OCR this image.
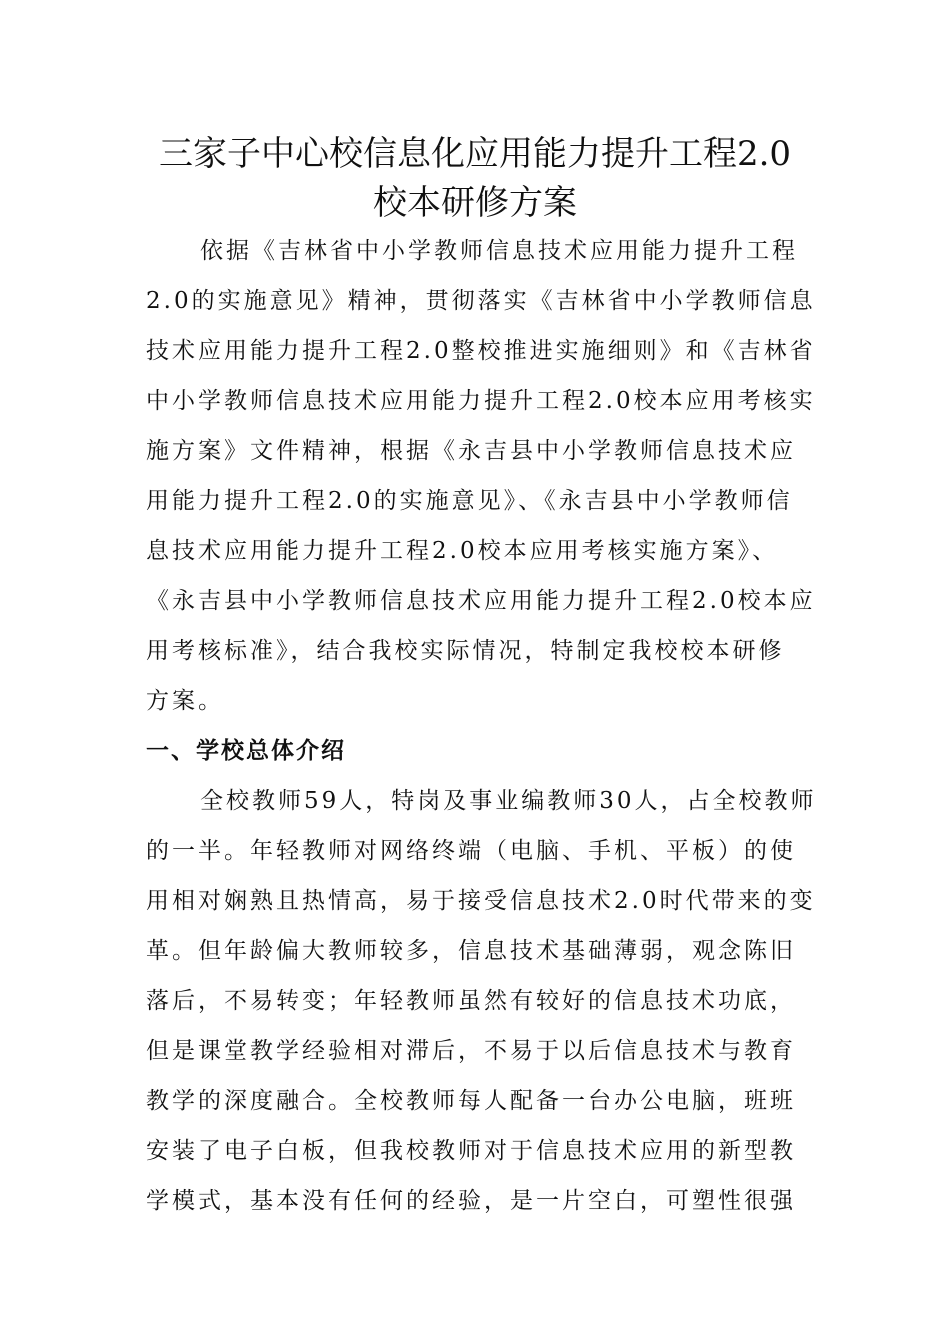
三家子中心校信息化应用能力提升工程2.0
校本研修方案
依据《吉林省中小学教师信息技术应用能力提升工程
2.0的实施意见》精神，贯彻落实《吉林省中小学教师信息
技术应用能力提升工程2.0整校推进实施细则》和《吉林省
中小学教师信息技术应用能力提升工程2.0校本应用考核实
施方案》文件精神，根据《永吉县中小学教师信息技术应
用能力提升工程2.0的实施意见》、《永吉县中小学教师信
息技术应用能力提升工程2.0校本应用考核实施方案》、
《永吉县中小学教师信息技术应用能力提升工程2.0校本应
用考核标准》，结合我校实际情况，特制定我校校本研修
方案。
一、学校总体介绍
全校教师59人，特岗及事业编教师30人，占全校教师
的一半。年轻教师对网络终端（电脑、手机、平板）的使
用相对娴熟且热情高，易于接受信息技术2.0时代带来的变
革。但年龄偏大教师较多，信息技术基础薄弱，观念陈旧
落后，不易转变；年轻教师虽然有较好的信息技术功底，
但是课堂教学经验相对滞后，不易于以后信息技术与教育
教学的深度融合。全校教师每人配备一台办公电脑，班班
安装了电子白板，但我校教师对于信息技术应用的新型教
学模式，基本没有任何的经验，是一片空白，可塑性很强
